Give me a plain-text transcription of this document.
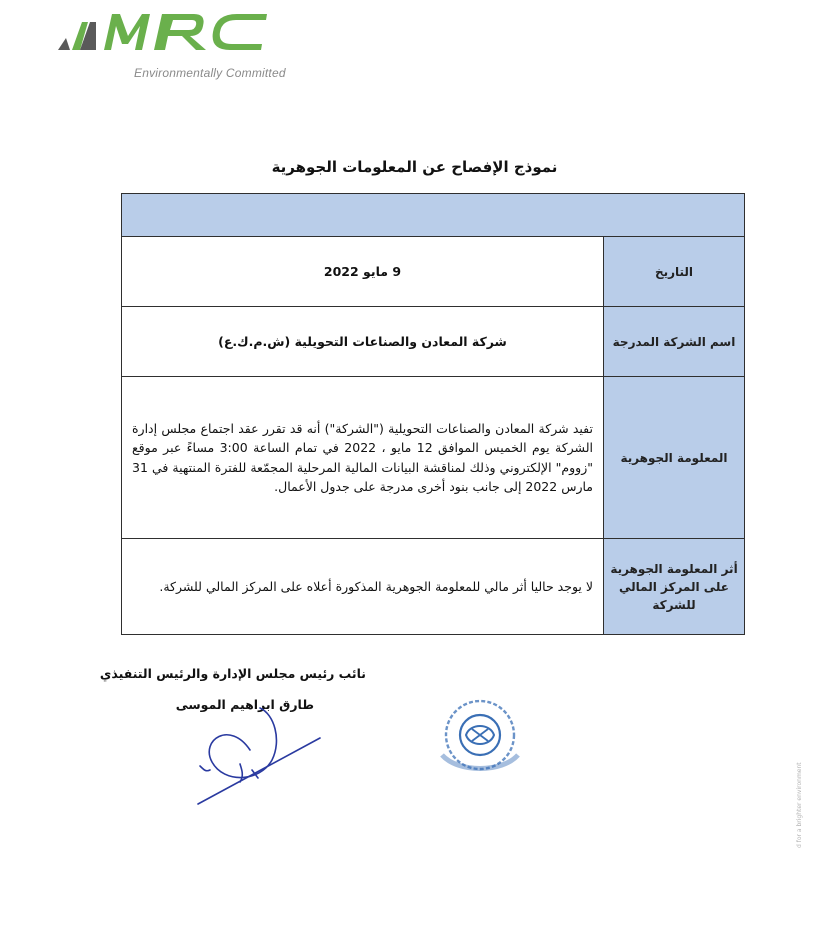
Environmentally Committed
نموذج الإفصاح عن المعلومات الجوهرية

التاريخ	9 مايو 2022
اسم الشركة المدرجة	شركة المعادن والصناعات التحويلية (ش.م.ك.ع)
المعلومة الجوهرية	تفيد شركة المعادن والصناعات التحويلية ("الشركة") أنه قد تقرر عقد اجتماع مجلس إدارة الشركة يوم الخميس الموافق 12 مايو ، 2022 في تمام الساعة 3:00 مساءً عبر موقع "زووم" الإلكتروني وذلك لمناقشة البيانات المالية المرحلية المجمّعة للفترة المنتهية في 31 مارس 2022 إلى جانب بنود أخرى مدرجة على جدول الأعمال.
أثر المعلومة الجوهرية على المركز المالي للشركة	لا يوجد حاليا أثر مالي للمعلومة الجوهرية المذكورة أعلاه على المركز المالي للشركة.
نائب رئيس مجلس الإدارة والرئيس التنفيذي
طارق ابراهيم الموسى
d for a brighter environment
